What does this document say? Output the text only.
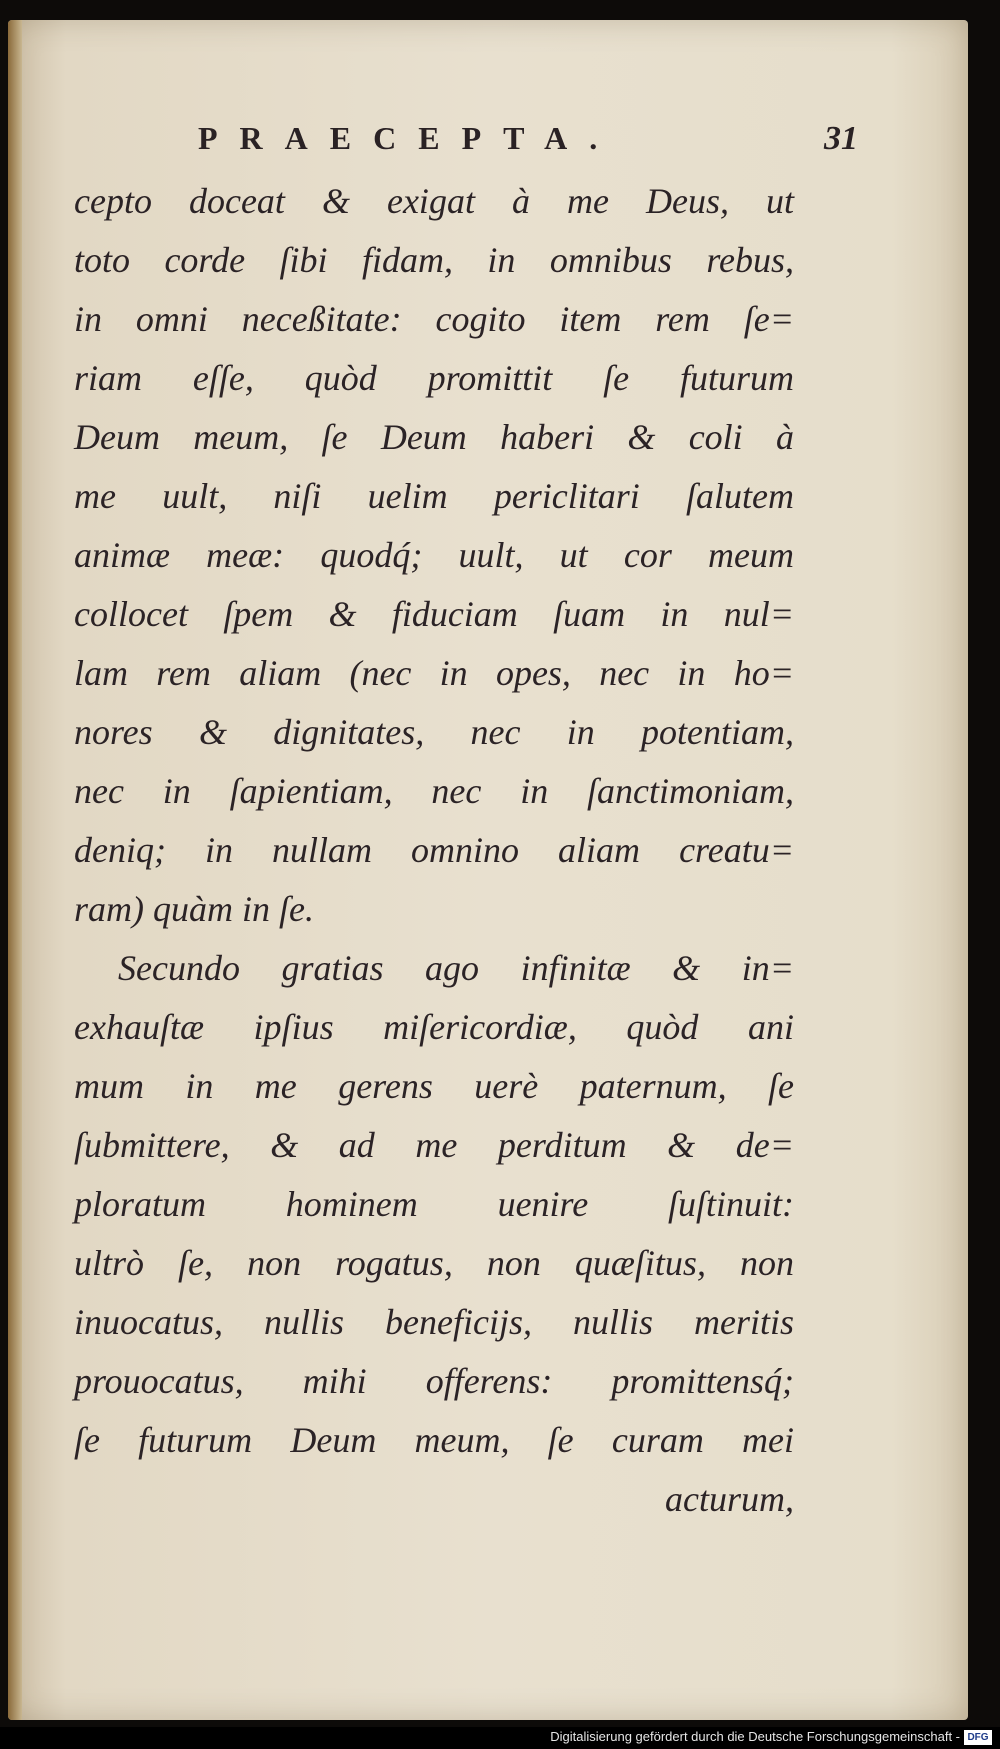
PRAECEPTA.	31
cepto doceat & exigat à me Deus, ut
toto corde ſibi fidam, in omnibus rebus,
in omni neceßitate: cogito item rem ſe=
riam eſſe, quòd promittit ſe futurum
Deum meum, ſe Deum haberi & coli à
me uult, niſi uelim periclitari ſalutem
animæ meæ: quodq́; uult, ut cor meum
collocet ſpem & fiduciam ſuam in nul=
lam rem aliam (nec in opes, nec in ho=
nores & dignitates, nec in potentiam,
nec in ſapientiam, nec in ſanctimoniam,
deniq; in nullam omnino aliam creatu=
ram) quàm in ſe.
Secundo gratias ago infinitæ & in=
exhauſtæ ipſius miſericordiæ, quòd ani
mum in me gerens uerè paternum, ſe
ſubmittere, & ad me perditum & de=
ploratum hominem uenire ſuſtinuit:
ultrò ſe, non rogatus, non quæſitus, non
inuocatus, nullis beneficijs, nullis meritis
prouocatus, mihi offerens: promittensq́;
ſe futurum Deum meum, ſe curam mei
acturum,
Digitalisierung gefördert durch die Deutsche Forschungsgemeinschaft - DFG
